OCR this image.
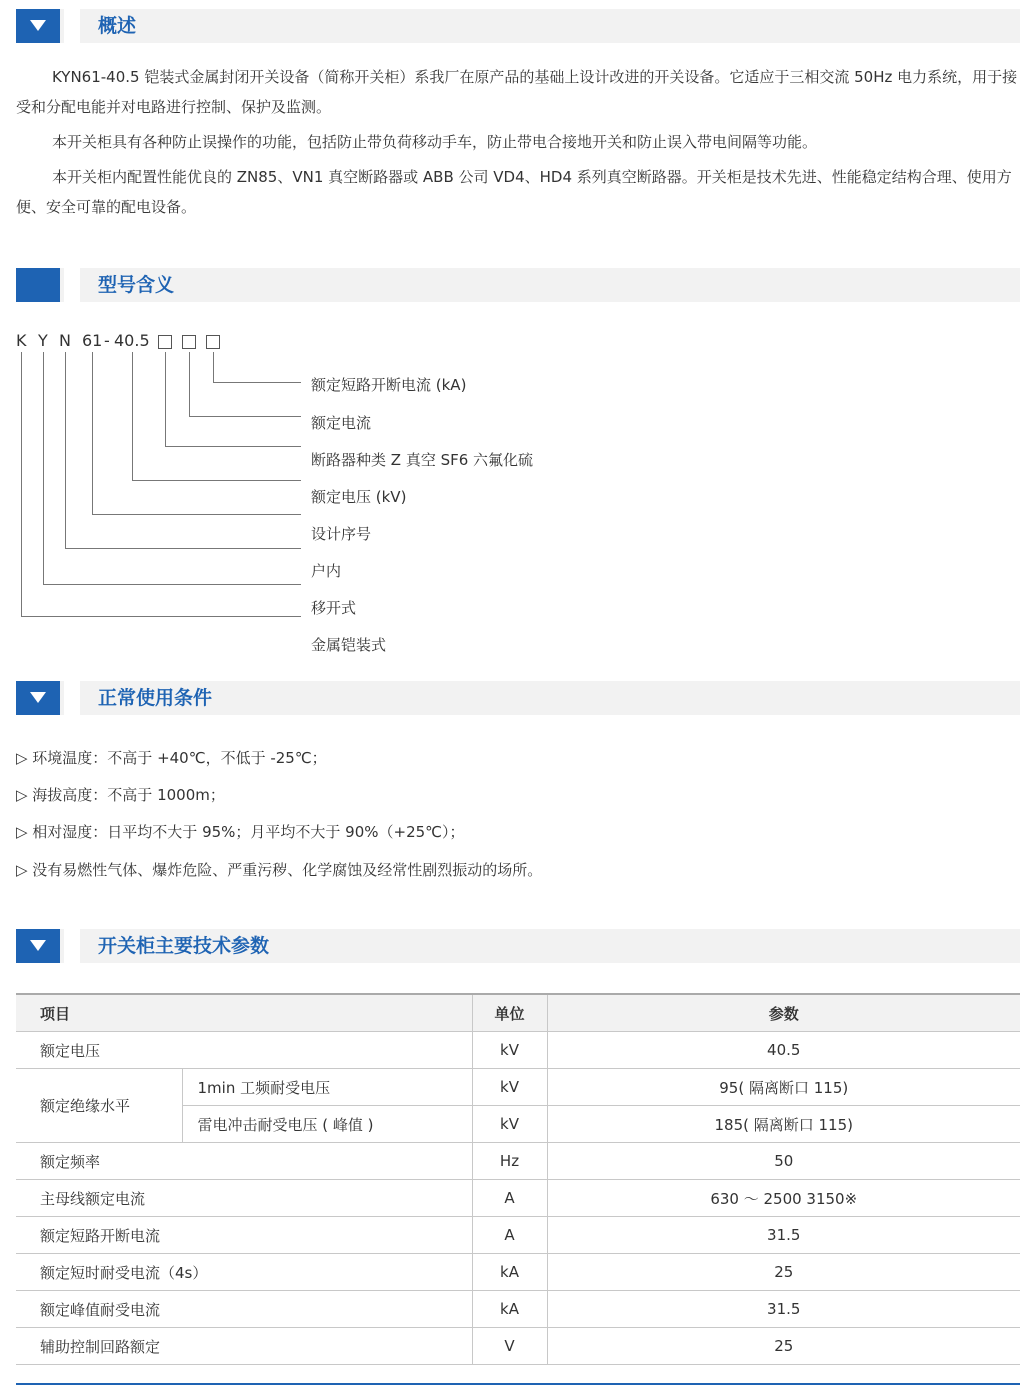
概述

KYN61-40.5 铠装式金属封闭开关设备（简称开关柜）系我厂在原产品的基础上设计改进的开关设备。它适应于三相交流 50Hz 电力系统，用于接受和分配电能并对电路进行控制、保护及监测。

本开关柜具有各种防止误操作的功能，包括防止带负荷移动手车，防止带电合接地开关和防止误入带电间隔等功能。

本开关柜内配置性能优良的 ZN85、VN1 真空断路器或 ABB 公司 VD4、HD4 系列真空断路器。开关柜是技术先进、性能稳定结构合理、使用方便、安全可靠的配电设备。

型号含义
K Y N 61 - 40.5
额定短路开断电流 (kA)
额定电流
断路器种类 Z 真空 SF6 六氟化硫
额定电压 (kV)
设计序号
户内
移开式
金属铠装式
正常使用条件
▷ 环境温度：不高于 +40℃，不低于 -25℃；
▷ 海拔高度：不高于 1000m；
▷ 相对湿度：日平均不大于 95%；月平均不大于 90%（+25℃）；
▷ 没有易燃性气体、爆炸危险、严重污秽、化学腐蚀及经常性剧烈振动的场所。
开关柜主要技术参数
项目		单位	参数
额定电压		kV	40.5
额定绝缘水平	1min 工频耐受电压	kV	95( 隔离断口 115)
	雷电冲击耐受电压 ( 峰值 )	kV	185( 隔离断口 115)
额定频率		Hz	50
主母线额定电流		A	630 ～ 2500 3150※
额定短路开断电流		A	31.5
额定短时耐受电流（4s）		kA	25
额定峰值耐受电流		kA	31.5
辅助控制回路额定		V	25
